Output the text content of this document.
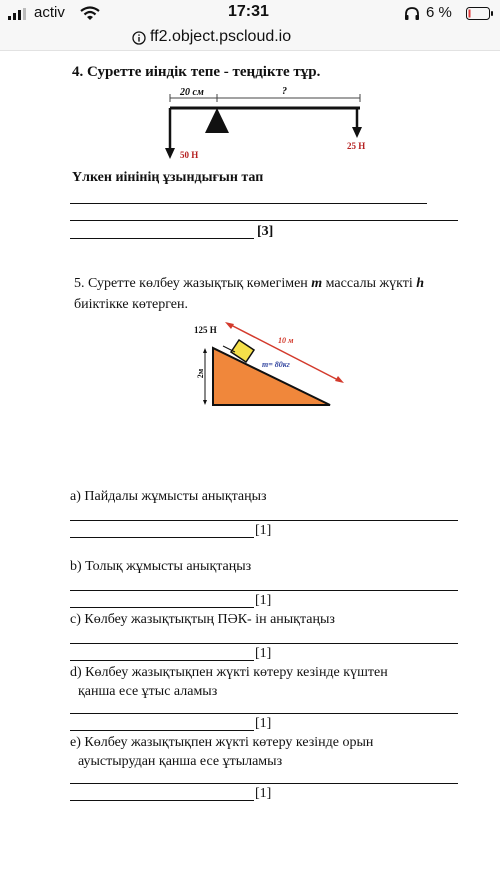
activ	17:31	6 %
ff2.object.pscloud.io
4. Суретте иіндік тепе - теңдікте тұр.
20 см	?
50 Н
25 Н
Үлкен иінінің ұзындығын тап
[3]
5. Суретте көлбеу жазықтық көмегімен m массалы жүкті h биіктікке көтерген.
125 Н
10 м
m= 80кг
2м
a) Пайдалы жұмысты анықтаңыз
[1]
b) Толық жұмысты анықтаңыз
[1]
c) Көлбеу жазықтықтың ПӘК- ін анықтаңыз
[1]
d) Көлбеу жазықтықпен жүкті көтеру кезінде күштен
қанша есе ұтыс аламыз
[1]
e) Көлбеу жазықтықпен жүкті көтеру кезінде орын
ауыстырудан қанша есе ұтыламыз
[1]
